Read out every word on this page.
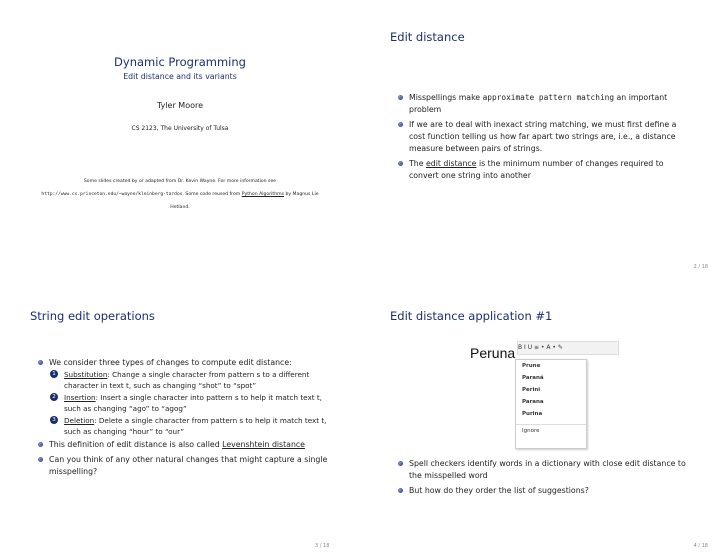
Dynamic Programming
Edit distance and its variants
Tyler Moore
CS 2123, The University of Tulsa
Some slides created by or adapted from Dr. Kevin Wayne. For more information see
http://www.cs.princeton.edu/~wayne/kleinberg-tardos. Some code reused from Python Algorithms by Magnus Lie
Hetland.
Edit distance
Misspellings make approximate pattern matching an important problem
If we are to deal with inexact string matching, we must first define a cost function telling us how far apart two strings are, i.e., a distance measure between pairs of strings.
The edit distance is the minimum number of changes required to convert one string into another
2 / 18
String edit operations
We consider three types of changes to compute edit distance:
1	Substitution: Change a single character from pattern s to a different character in text t, such as changing “shot” to “spot”
2	Insertion: Insert a single character into pattern s to help it match text t, such as changing “ago” to “agog”
3	Deletion: Delete a single character from pattern s to help it match text t, such as changing “hour” to “our”
This definition of edit distance is also called Levenshtein distance
Can you think of any other natural changes that might capture a single misspelling?
3 / 18
Edit distance application #1
Peruna B I U ≡ • A • ✎
Prune
Paraná
Perini
Parana
Purina
Ignore
Spell checkers identify words in a dictionary with close edit distance to the misspelled word
But how do they order the list of suggestions?
4 / 18
